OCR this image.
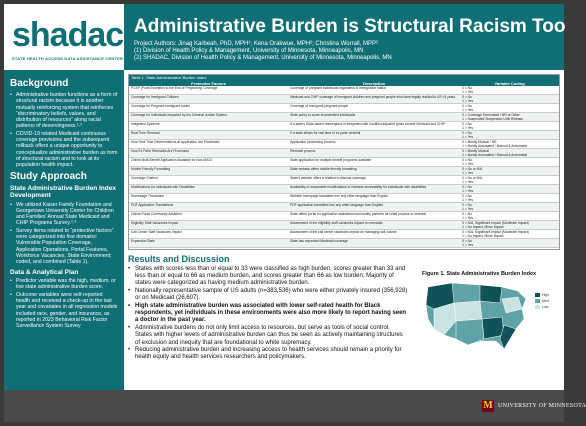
shadac
STATE HEALTH ACCESS DATA ASSISTANCE CENTER
Administrative Burden is Structural Racism Too
Project Authors: Jinag Karbeah, PhD, MPH¹; Kena Orakwue, MPH²; Christina Worrall, MPP²
(1) Division of Health Policy & Management, University of Minnesota, Minneapolis, MN
(2) SHADAC, Division of Health Policy & Management, University of Minnesota, Minneapolis, MN
Background
• Administrative burden functions as a form of structural racism because it is another mutually reinforcing system that reinforces “discriminatory beliefs, values, and distribution of resources” along racial patterns of deservingness.¹˒²
• COVID-19 related Medicaid continuous coverage provisions and the subsequent rollback offers a unique opportunity to conceptualize administrative burden as form of structural racism and to look at its population health impact.
Study Approach
State Administrative Burden Index Development
• We utilized Kaiser Family Foundation and Georgetown University Center for Children and Families' Annual State Medicaid and CHIP Programs Survey.³˒⁴
• Survey items related to “protective factors” were categorized into five domains: Vulnerable Population Coverage, Application Operations, Portal Features, Workforce Vacancies, State Environment; coded, and combined (Table 1).
Data & Analytical Plan
• Predictor variable was the high, medium, or low state administrative burden score.
• Outcome variables were self-reported health and received a check-up in the last year and covariates in all regression models included race, gender, and insurance, as reported in 2023 Behavioral Risk Factor Surveillance System Survey
Table 1. State Administrative Burden Index
Protective Factors	Description	Variable Coding
PCEP (Point Exception to the End of Pregnancy) Coverage	Coverage of pregnant individuals regardless of immigration status	0 = No
1 = Yes
Coverage for Immigrant Children	Medicaid and CHIP coverage of immigrant children and pregnant people who have legally resided in US <5 years	0 = No
1 = Yes
Coverage for Pregnant Immigrant Adults	Coverage of immigrant pregnant people	0 = No
1 = Yes
Coverage for Individuals Impacted by the Criminal Justice System	State policy to cover incarcerated individuals	0 = Coverage Terminated / NR or Other
1 = Suspended Suspension Until Release
Integrated Systems	If a state's State-based marketplace is integrated with modified adjusted gross income Medicaid and CHIP	0 = No
1 = Yes
Real Time Renewal	If a state allows for real time or ex parte renewal	0 = No
1 = Yes
How Real Time Determinations at Application Are Processed	Application processing process	0 = Mostly Manual / NR
1 = Mostly Automated / Manual & Automated
How Ex Parte Renewals Are Processed	Renewal process	0 = Mostly Manual
1 = Mostly Automated / Manual & Automated
Online Multi-Benefit Application Available for Non-MAGI	State application for multiple benefit programs available	0 = No
1 = Yes
Mobile Friendly Formatting	State website offers mobile friendly formatting	0 = No or N/A
1 = Yes
Coverage Chatbot	State's website offers a chatbot to discuss coverage	0 = No or N/A
1 = Yes
Modifications for Individuals with Disabilities	Availability of reasonable modifications to increase accessibility for individuals with disabilities	0 = No
1 = Yes
Homepage Translation	Website homepage translates into any other language than English	0 = No
1 = Yes
PDF Application Translations	PDF application translates into any other language than English	0 = No
1 = Yes
Online Portal Community Assisters	State offers portal for application assistance/community partners for initial process or renewal	0 = No
1 = Yes
Eligibility Staff Vacancies Impact	Assessment of the eligibility staff vacancies impact on renewals	0 = N/A, Significant Impact (Moderate Impact)
1 = No Impact, Minor Impact
Call Center Staff Vacancies Impact	Assessment of the call center vacancies impact on managing call volume	0 = N/A, Significant Impact (Moderate Impact)
1 = No Impact, Minor Impact
Expansion State	State has expanded Medicaid coverage	0 = No
1 = Yes
Results and Discussion
• States with scores less than or equal to 33 were classified as high burden, scores greater than 33 and less than or equal to 66 as medium burden, and scores greater than 66 as low burden; Majority of states were categorized as having medium administrative burden.
• Nationally representative sample of US adults (n=383,536) who were either privately insured (356,928) or on Medicaid (26,607).
• High state administrative burden was associated with lower self-rated health for Black respondents, yet individuals in these environments were also more likely to report having seen a doctor in the past year.
• Administrative burdens do not only limit access to resources, but serve as tools of social control. States with higher levels of administrative burden can thus be seen as actively maintaining structures of exclusion and inequity that are foundational to white supremacy.
• Reducing administrative burden and increasing access to health services should remain a priority for health equity and health services researchers and policymakers.
Figure 1. State Administrative Burden Index
High
Med
Low
M UNIVERSITY OF MINNESOTA
